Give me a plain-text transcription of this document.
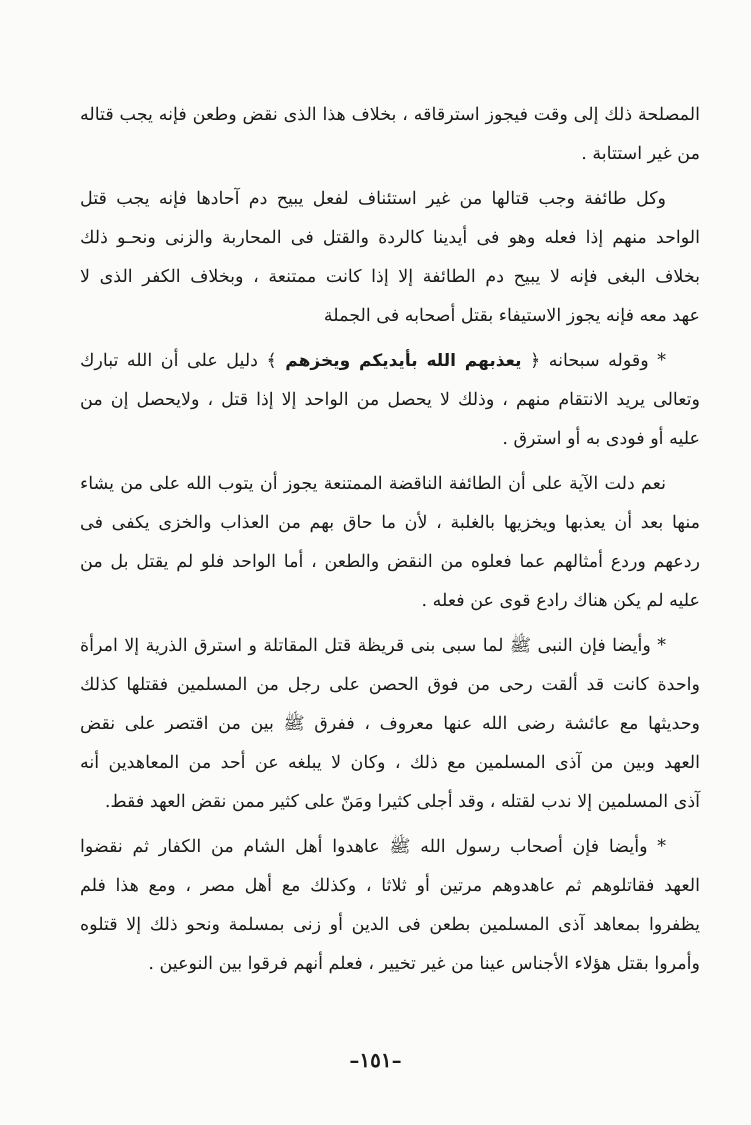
المصلحة ذلك إلى وقت فيجوز استرقاقه ، بخلاف هذا الذى نقض وطعن فإنه يجب قتاله
من غير استتابة .

وكل طائفة وجب قتالها من غير استئناف لفعل يبيح دم آحادها فإنه يجب قتل
الواحد منهم إذا فعله وهو فى أيدينا كالردة والقتل فى المحاربة والزنى ونحـو ذلك
بخلاف البغى فإنه لا يبيح دم الطائفة إلا إذا كانت ممتنعة ، وبخلاف الكفر الذى لا
عهد معه فإنه يجوز الاستيفاء بقتل أصحابه فى الجملة

* وقوله سبحانه ﴿ يعذبهم الله بأيديكم ويخزهم ﴾ دليل على أن الله تبارك
وتعالى يريد الانتقام منهم ، وذلك لا يحصل من الواحد إلا إذا قتل ، ولايحصل إن من
عليه أو فودى به أو استرق .

نعم دلت الآية على أن الطائفة الناقضة الممتنعة يجوز أن يتوب الله على من يشاء
منها بعد أن يعذبها ويخزيها بالغلبة ، لأن ما حاق بهم من العذاب والخزى يكفى فى
ردعهم وردع أمثالهم عما فعلوه من النقض والطعن ، أما الواحد فلو لم يقتل بل من
عليه لم يكن هناك رادع قوى عن فعله .

* وأيضا فإن النبى ﷺ لما سبى بنى قريظة قتل المقاتلة و استرق الذرية إلا امرأة
واحدة كانت قد ألقت رحى من فوق الحصن على رجل من المسلمين فقتلها كذلك
وحديثها مع عائشة رضى الله عنها معروف ، ففرق ﷺ بين من اقتصر على نقض
العهد وبين من آذى المسلمين مع ذلك ، وكان لا يبلغه عن أحد من المعاهدين أنه
آذى المسلمين إلا ندب لقتله ، وقد أجلى كثيرا ومَنّ على كثير ممن نقض العهد فقط.

* وأيضا فإن أصحاب رسول الله ﷺ عاهدوا أهل الشام من الكفار ثم نقضوا
العهد فقاتلوهم ثم عاهدوهم مرتين أو ثلاثا ، وكذلك مع أهل مصر ، ومع هذا فلم
يظفروا بمعاهد آذى المسلمين بطعن فى الدين أو زنى بمسلمة ونحو ذلك إلا قتلوه
وأمروا بقتل هؤلاء الأجناس عينا من غير تخيير ، فعلم أنهم فرقوا بين النوعين .

–١٥١–
